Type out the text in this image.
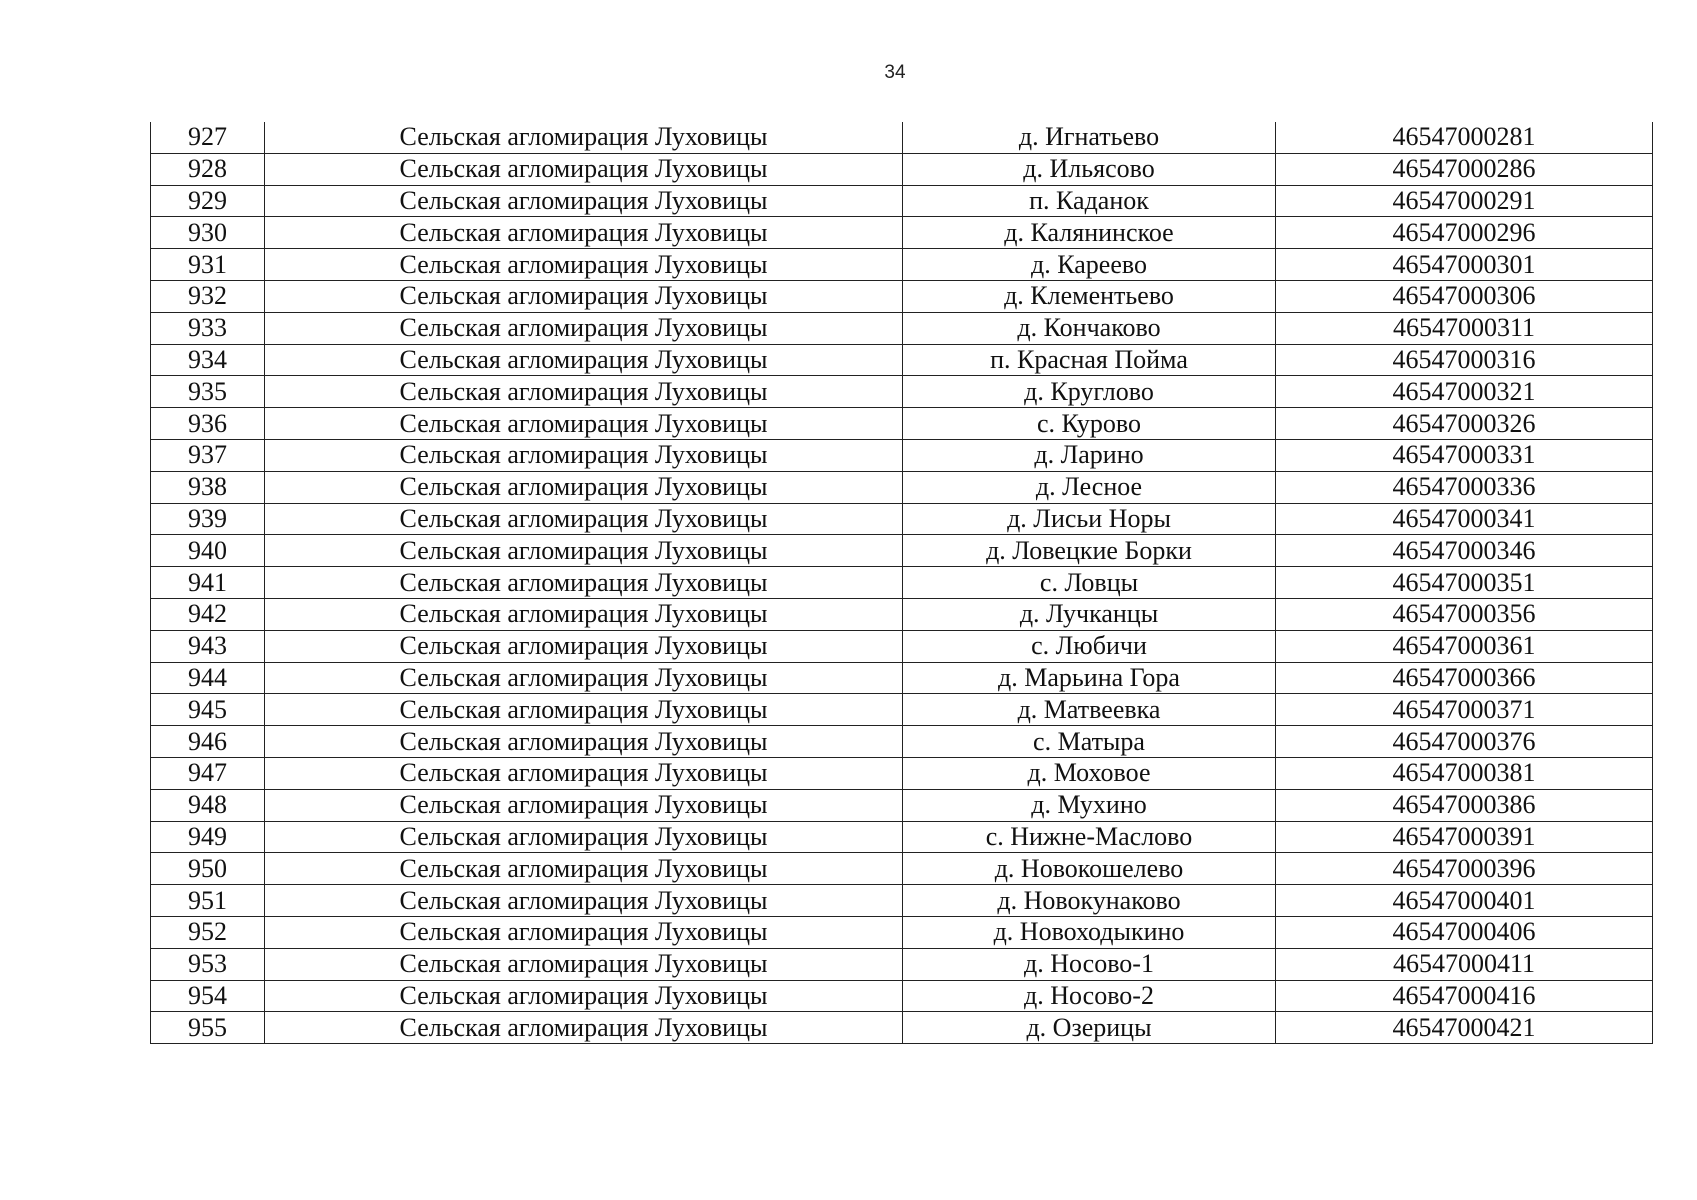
34
927	Сельская агломирация Луховицы	д. Игнатьево	46547000281
928	Сельская агломирация Луховицы	д. Ильясово	46547000286
929	Сельская агломирация Луховицы	п. Каданок	46547000291
930	Сельская агломирация Луховицы	д. Калянинское	46547000296
931	Сельская агломирация Луховицы	д. Кареево	46547000301
932	Сельская агломирация Луховицы	д. Клементьево	46547000306
933	Сельская агломирация Луховицы	д. Кончаково	46547000311
934	Сельская агломирация Луховицы	п. Красная Пойма	46547000316
935	Сельская агломирация Луховицы	д. Круглово	46547000321
936	Сельская агломирация Луховицы	с. Курово	46547000326
937	Сельская агломирация Луховицы	д. Ларино	46547000331
938	Сельская агломирация Луховицы	д. Лесное	46547000336
939	Сельская агломирация Луховицы	д. Лисьи Норы	46547000341
940	Сельская агломирация Луховицы	д. Ловецкие Борки	46547000346
941	Сельская агломирация Луховицы	с. Ловцы	46547000351
942	Сельская агломирация Луховицы	д. Лучканцы	46547000356
943	Сельская агломирация Луховицы	с. Любичи	46547000361
944	Сельская агломирация Луховицы	д. Марьина Гора	46547000366
945	Сельская агломирация Луховицы	д. Матвеевка	46547000371
946	Сельская агломирация Луховицы	с. Матыра	46547000376
947	Сельская агломирация Луховицы	д. Моховое	46547000381
948	Сельская агломирация Луховицы	д. Мухино	46547000386
949	Сельская агломирация Луховицы	с. Нижне-Маслово	46547000391
950	Сельская агломирация Луховицы	д. Новокошелево	46547000396
951	Сельская агломирация Луховицы	д. Новокунаково	46547000401
952	Сельская агломирация Луховицы	д. Новоходыкино	46547000406
953	Сельская агломирация Луховицы	д. Носово-1	46547000411
954	Сельская агломирация Луховицы	д. Носово-2	46547000416
955	Сельская агломирация Луховицы	д. Озерицы	46547000421
